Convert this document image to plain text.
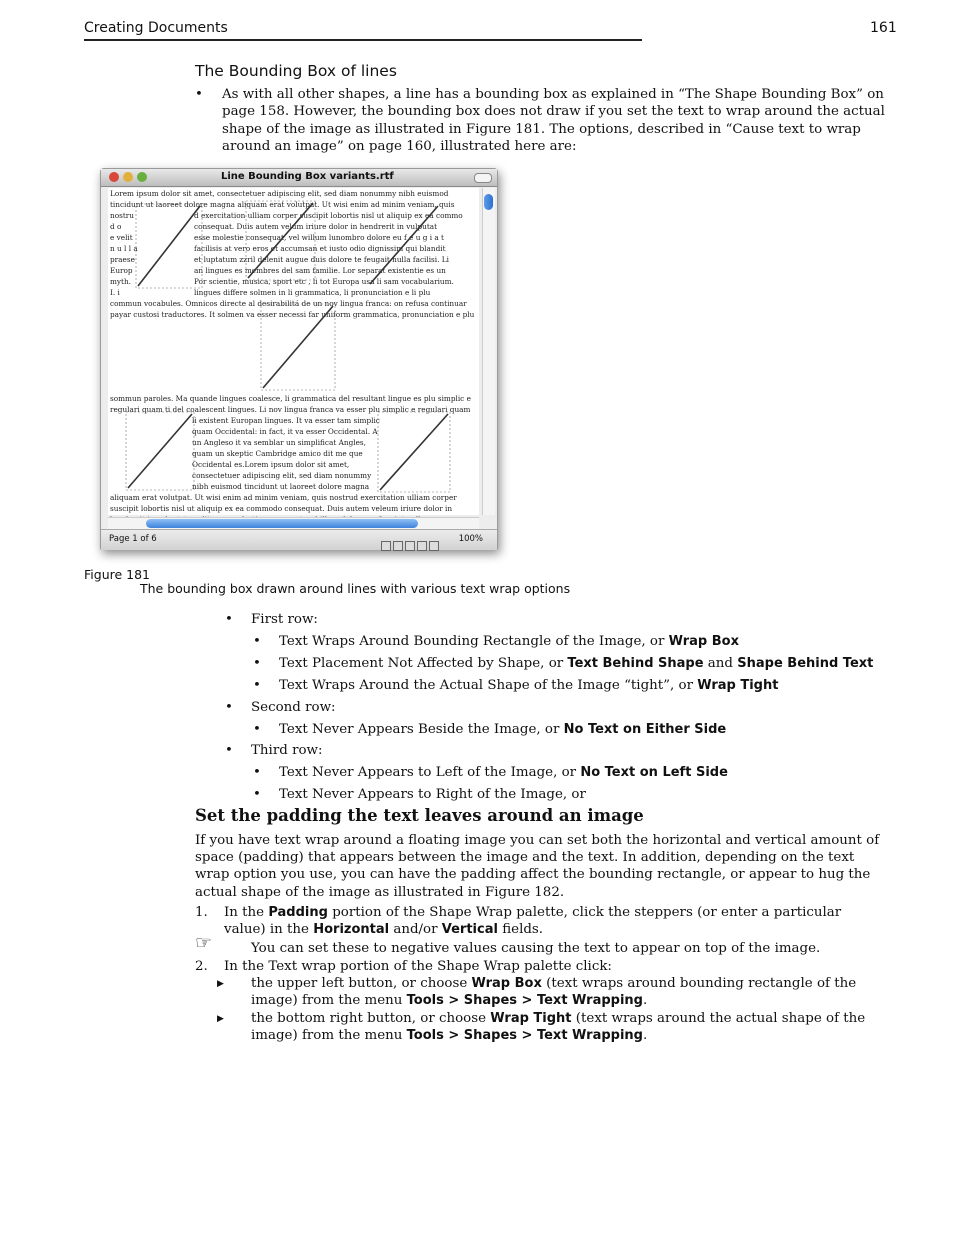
Creating Documents	161
The Bounding Box of lines
• As with all other shapes, a line has a bounding box as explained in “The Shape Bounding Box” on page 158. However, the bounding box does not draw if you set the text to wrap around the actual shape of the image as illustrated in Figure 181. The options, described in “Cause text to wrap around an image” on page 160, illustrated here are:
Line Bounding Box variants.rtf
Lorem ipsum dolor sit amet, consectetuer adipiscing elit, sed diam nonummy nibh euismod
tincidunt ut laoreet dolore magna aliquam erat volutpat. Ut wisi enim ad minim veniam, quis
nostru
d o
e velit
n u l l a
praese
Europ
myth.
I. i
commun vocabules. Omnicos directe al desirabilitá de un nov lingua franca: on refusa continuar
payar custosi traductores. It solmen va esser necessi far uniform grammatica, pronunciation e plu
d exercitation ulliam corper suscipit lobortis nisl ut aliquip ex ea commo
consequat. Duis autem velum iriure dolor in hendrerit in vulputat
esse molestie consequat, vel willum lunombro dolore eu f e u g i a t
facilisis at vero eros et accumsan et iusto odio dignissim qui blandit
et luptatum zzril delenit augue duis dolore te feugait nulla facilisi. Li
an lingues es membres del sam familie. Lor separat existentie es un
Por scientie, musica, sport etc , li tot Europa usa li sam vocabularium.
lingues differe solmen in li grammatica, li pronunciation e li plu
sommun paroles. Ma quande lingues coalesce, li grammatica del resultant lingue es plu simplic e
regulari quam ti del coalescent lingues. Li nov lingua franca va esser plu simplic e regulari quam
li existent Europan lingues. It va esser tam simplic
quam Occidental: in fact, it va esser Occidental. A
un Angleso it va semblar un simplificat Angles,
quam un skeptic Cambridge amico dit me que
Occidental es.Lorem ipsum dolor sit amet,
consectetuer adipiscing elit, sed diam nonummy
nibh euismod tincidunt ut laoreet dolore magna
aliquam erat volutpat. Ut wisi enim ad minim veniam, quis nostrud exercitation ulliam corper
suscipit lobortis nisl ut aliquip ex ea commodo consequat. Duis autem veleum iriure dolor in
Page 1 of 6	100%
Figure 181
The bounding box drawn around lines with various text wrap options
• First row:
• Text Wraps Around Bounding Rectangle of the Image, or Wrap Box
• Text Placement Not Affected by Shape, or Text Behind Shape and Shape Behind Text
• Text Wraps Around the Actual Shape of the Image “tight”, or Wrap Tight
• Second row:
• Text Never Appears Beside the Image, or No Text on Either Side
• Third row:
• Text Never Appears to Left of the Image, or No Text on Left Side
• Text Never Appears to Right of the Image, or
Set the padding the text leaves around an image
If you have text wrap around a floating image you can set both the horizontal and vertical amount of space (padding) that appears between the image and the text. In addition, depending on the text wrap option you use, you can have the padding affect the bounding rectangle, or appear to hug the actual shape of the image as illustrated in Figure 182.
1. In the Padding portion of the Shape Wrap palette, click the steppers (or enter a particular value) in the Horizontal and/or Vertical fields.
☞	You can set these to negative values causing the text to appear on top of the image.
2. In the Text wrap portion of the Shape Wrap palette click:
▶ the upper left button, or choose Wrap Box (text wraps around bounding rectangle of the image) from the menu Tools > Shapes > Text Wrapping.
▶ the bottom right button, or choose Wrap Tight (text wraps around the actual shape of the image) from the menu Tools > Shapes > Text Wrapping.
